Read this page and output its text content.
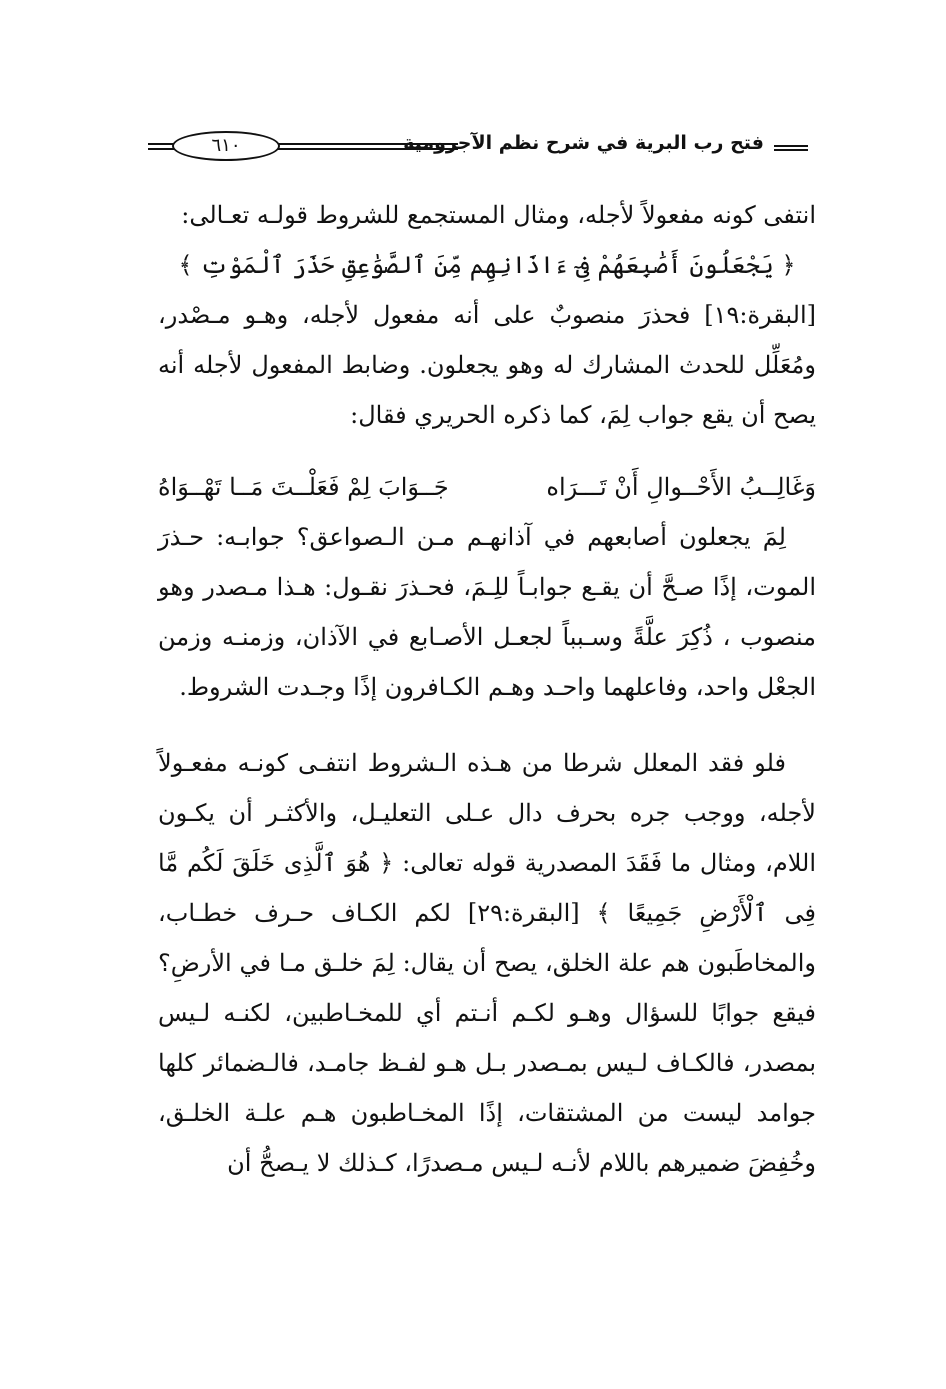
فتح رب البرية في شرح نظم الآجرومية
٦١٠

انتفى كونه مفعولاً لأجله، ومثال المستجمع للشروط قولـه تعـالى:

﴿ يَجْعَلُونَ أَصَٰبِعَهُمْ فِىٓ ءَاذَانِهِم مِّنَ ٱلصَّوَٰعِقِ حَذَرَ ٱلْمَوْتِ ﴾

[البقرة:١٩] فحذرَ منصوبٌ على أنه مفعول لأجله، وهـو مـصْدر، ومُعَلِّل للحدث المشارك له وهو يجعلون. وضابط المفعول لأجله أنه يصح أن يقع جواب لِمَ، كما ذكره الحريري فقال:

وَغَالِــبُ الأَحْــوالِ أَنْ تَـــرَاه
جَــوَابَ لِمْ فَعَلْــتَ مَــا تَهْــوَاهُ

لِمَ يجعلون أصابعهم في آذانهـم مـن الـصواعق؟ جوابـه: حـذرَ الموت، إذًا صـحَّ أن يقـع جوابـاً للِـمَ، فحـذرَ نقـول: هـذا مـصدر وهو منصوب ، ذُكِرَ علَّةً وسـبباً لجعـل الأصـابع في الآذان، وزمنـه وزمن الجعْل واحد، وفاعلهما واحـد وهـم الكـافرون إذًا وجـدت الشروط.

فلو فقد المعلل شرطا من هـذه الـشروط انتفـى كونـه مفعـولاً لأجله، ووجب جره بحرف دال عـلى التعليـل، والأكثـر أن يكـون اللام، ومثال ما فَقَدَ المصدرية قوله تعالى: ﴿ هُوَ ٱلَّذِى خَلَقَ لَكُم مَّا فِى ٱلْأَرْضِ جَمِيعًا ﴾ [البقرة:٢٩] لكم الكـاف حـرف خطـاب، والمخاطَبون هم علة الخلق، يصح أن يقال: لِمَ خلـق مـا في الأرضِ؟ فيقع جوابًا للسؤال وهـو لكـم أنـتم أي للمخـاطبين، لكنـه لـيس بمصدر، فالكـاف لـيس بمـصدر بـل هـو لفـظ جامـد، فالـضمائر كلها جوامد ليست من المشتقات، إذًا المخـاطبون هـم علـة الخلـق، وخُفِضَ ضميرهم باللام لأنـه لـيس مـصدرًا، كـذلك لا يـصحُّ أن
